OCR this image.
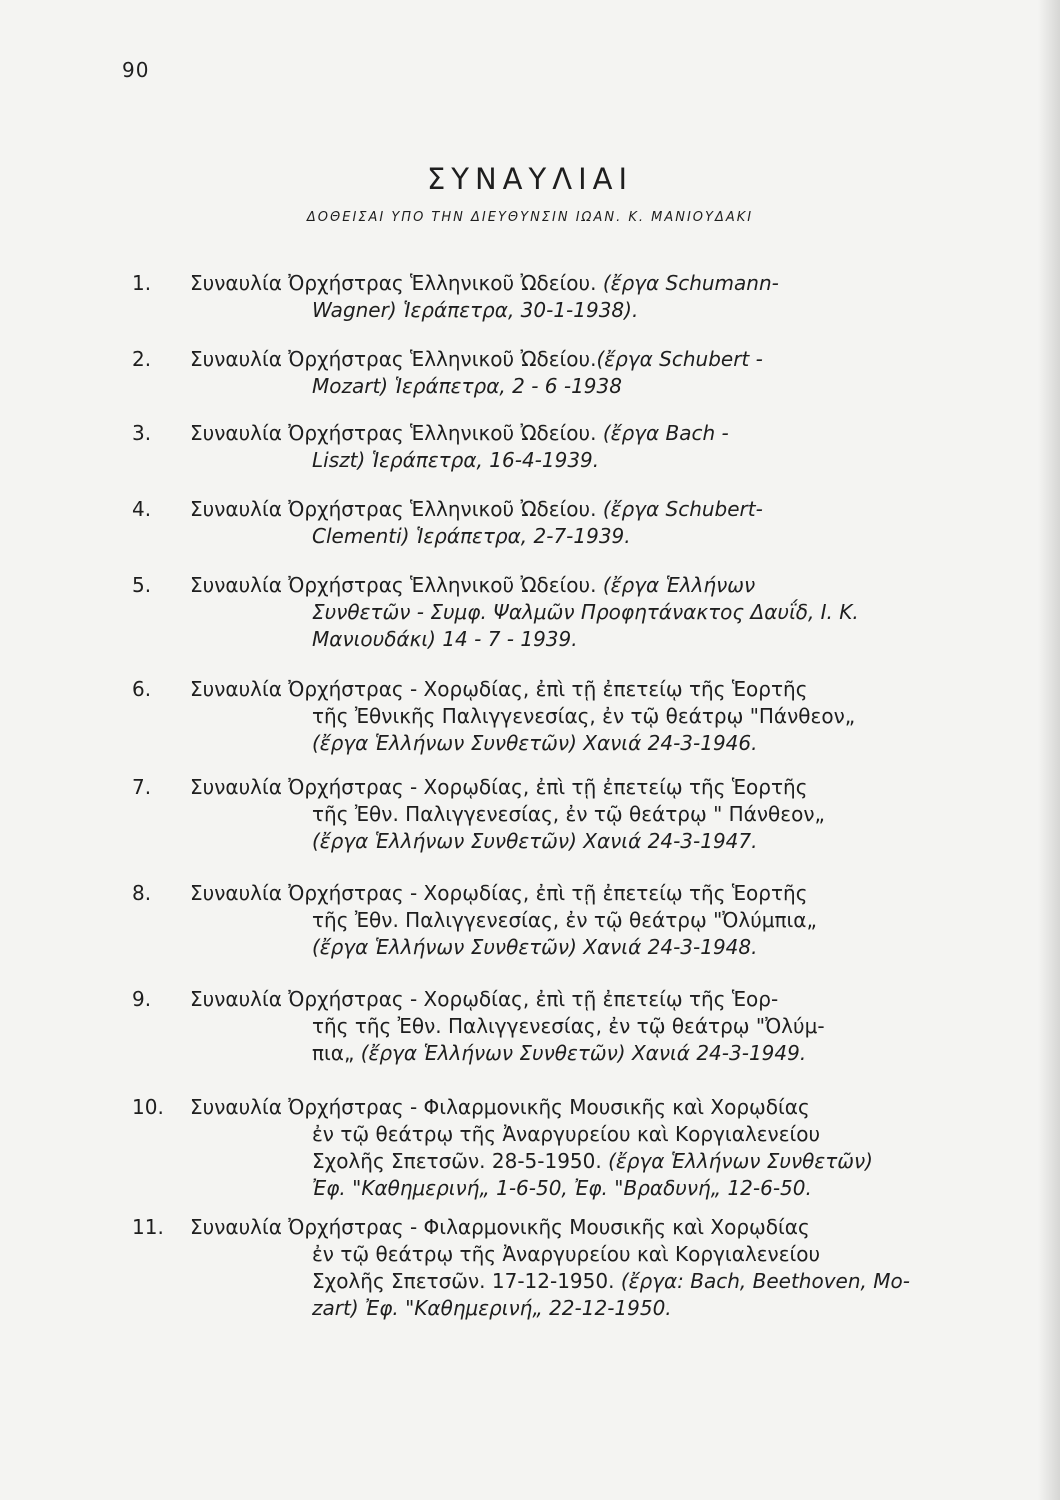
90
ΣΥΝΑΥΛΙΑΙ
ΔΟΘΕΙΣΑΙ ΥΠΟ ΤΗΝ ΔΙΕΥΘΥΝΣΙΝ ΙΩΑΝ. Κ. ΜΑΝΙΟΥΔΑΚΙ
1. Συναυλία Ὀρχήστρας Ἑλληνικοῦ Ὠδείου. (ἔργα Schumann-
Wagner) Ἱεράπετρα, 30-1-1938).
2. Συναυλία Ὀρχήστρας Ἑλληνικοῦ Ὠδείου.(ἔργα Schubert -
Mozart) Ἱεράπετρα, 2 - 6 -1938
3. Συναυλία Ὀρχήστρας Ἑλληνικοῦ Ὠδείου. (ἔργα Bach -
Liszt) Ἱεράπετρα, 16-4-1939.
4. Συναυλία Ὀρχήστρας Ἑλληνικοῦ Ὠδείου. (ἔργα Schubert-
Clementi) Ἱεράπετρα, 2-7-1939.
5. Συναυλία Ὀρχήστρας Ἑλληνικοῦ Ὠδείου. (ἔργα Ἑλλήνων
Συνθετῶν - Συμφ. Ψαλμῶν Προφητάνακτος Δαυΐδ, Ι. Κ.
Μανιουδάκι) 14 - 7 - 1939.
6. Συναυλία Ὀρχήστρας - Χορῳδίας, ἐπὶ τῇ ἐπετείῳ τῆς Ἑορτῆς
τῆς Ἐθνικῆς Παλιγγενεσίας, ἐν τῷ θεάτρῳ "Πάνθεον„
(ἔργα Ἑλλήνων Συνθετῶν) Χανιά 24-3-1946.
7. Συναυλία Ὀρχήστρας - Χορῳδίας, ἐπὶ τῇ ἐπετείῳ τῆς Ἑορτῆς
τῆς Ἐθν. Παλιγγενεσίας, ἐν τῷ θεάτρῳ " Πάνθεον„
(ἔργα Ἑλλήνων Συνθετῶν) Χανιά 24-3-1947.
8. Συναυλία Ὀρχήστρας - Χορῳδίας, ἐπὶ τῇ ἐπετείῳ τῆς Ἑορτῆς
τῆς Ἐθν. Παλιγγενεσίας, ἐν τῷ θεάτρῳ "Ὀλύμπια„
(ἔργα Ἑλλήνων Συνθετῶν) Χανιά 24-3-1948.
9. Συναυλία Ὀρχήστρας - Χορῳδίας, ἐπὶ τῇ ἐπετείῳ τῆς Ἑορ-
τῆς τῆς Ἐθν. Παλιγγενεσίας, ἐν τῷ θεάτρῳ "Ὀλύμ-
πια„ (ἔργα Ἑλλήνων Συνθετῶν) Χανιά 24-3-1949.
10. Συναυλία Ὀρχήστρας - Φιλαρμονικῆς Μουσικῆς καὶ Χορῳδίας
ἐν τῷ θεάτρῳ τῆς Ἀναργυρείου καὶ Κοργιαλενείου
Σχολῆς Σπετσῶν. 28-5-1950. (ἔργα Ἑλλήνων Συνθετῶν)
Ἐφ. "Καθημερινή„ 1-6-50, Ἐφ. "Βραδυνή„ 12-6-50.
11. Συναυλία Ὀρχήστρας - Φιλαρμονικῆς Μουσικῆς καὶ Χορῳδίας
ἐν τῷ θεάτρῳ τῆς Ἀναργυρείου καὶ Κοργιαλενείου
Σχολῆς Σπετσῶν. 17-12-1950. (ἔργα: Bach, Beethoven, Mo-
zart) Ἐφ. "Καθημερινή„ 22-12-1950.
